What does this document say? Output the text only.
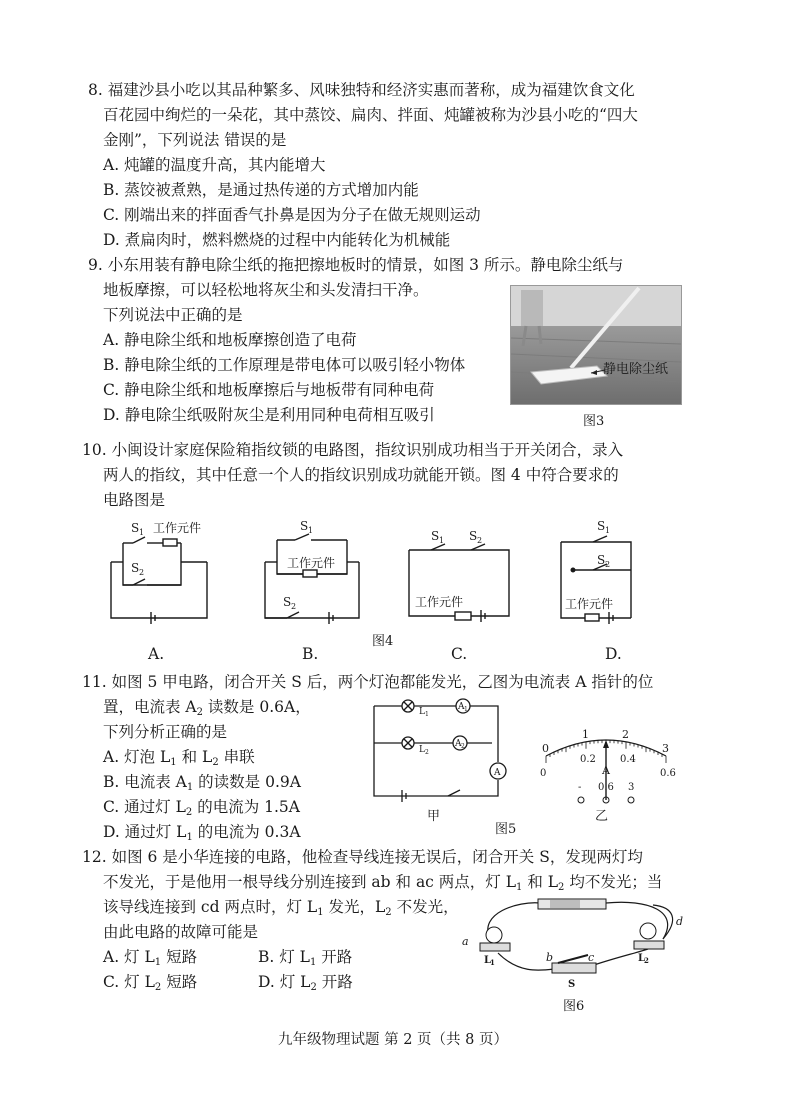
8. 福建沙县小吃以其品种繁多、风味独特和经济实惠而著称，成为福建饮食文化
百花园中绚烂的一朵花，其中蒸饺、扁肉、拌面、炖罐被称为沙县小吃的“四大
金刚”，下列说法 错误的是
A. 炖罐的温度升高，其内能增大
B. 蒸饺被煮熟，是通过热传递的方式增加内能
C. 刚端出来的拌面香气扑鼻是因为分子在做无规则运动
D. 煮扁肉时，燃料燃烧的过程中内能转化为机械能
9. 小东用装有静电除尘纸的拖把擦地板时的情景，如图 3 所示。静电除尘纸与
地板摩擦，可以轻松地将灰尘和头发清扫干净。
下列说法中正确的是
A. 静电除尘纸和地板摩擦创造了电荷
B. 静电除尘纸的工作原理是带电体可以吸引轻小物体
C. 静电除尘纸和地板摩擦后与地板带有同种电荷
D. 静电除尘纸吸附灰尘是利用同种电荷相互吸引
静电除尘纸
图3
10. 小闽设计家庭保险箱指纹锁的电路图，指纹识别成功相当于开关闭合，录入
两人的指纹，其中任意一个人的指纹识别成功就能开锁。图 4 中符合要求的
电路图是
S 1 工作元件
S 2
S 1
工作元件
S 2
S 1 S 2
工作元件
S 1
S 2
工作元件
A.	B.	C.	D.
图4
11. 如图 5 甲电路，闭合开关 S 后，两个灯泡都能发光，乙图为电流表 A 指针的位
置，电流表 $A_2$ 读数是 0.6A，
下列分析正确的是
A. 灯泡 $L_1$ 和 $L_2$ 串联
B. 电流表 $A_1$ 的读数是 0.9A
C. 通过灯 $L_2$ 的电流为 1.5A
D. 通过灯 $L_1$ 的电流为 0.3A
L 1
L 2
A 1
A 2
A
甲
图5
0
1	2
3
0
0.2 0.4
0.6
A
- 0.6 3
乙
12. 如图 6 是小华连接的电路，他检查导线连接无误后，闭合开关 S，发现两灯均
不发光，于是他用一根导线分别连接到 ab 和 ac 两点，灯 $L_1$ 和 $L_2$ 均不发光；当
该导线连接到 cd 两点时，灯 $L_1$ 发光，$L_2$ 不发光，
由此电路的故障可能是
A. 灯 $L_1$ 短路	B. 灯 $L_1$ 开路
C. 灯 $L_2$ 短路	D. 灯 $L_2$ 开路
a
b	c
d
L
1	L
2
S
图6
九年级物理试题 第 2 页（共 8 页）
